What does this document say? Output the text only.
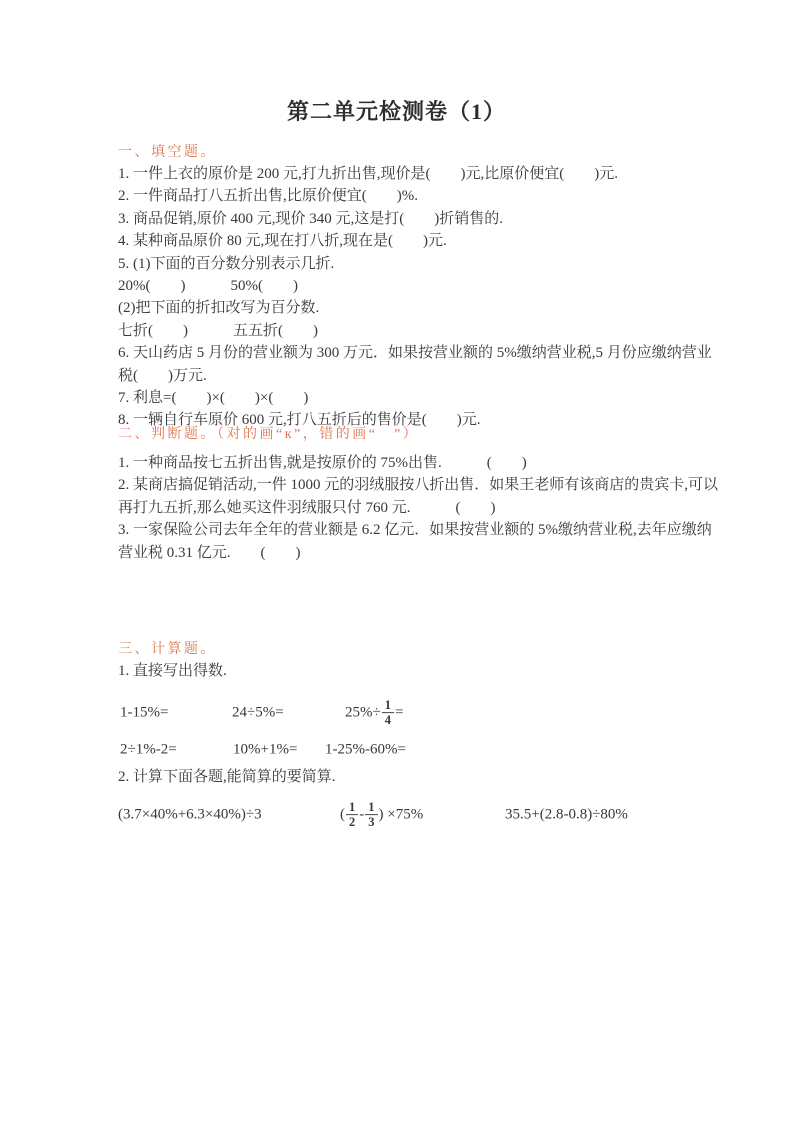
第二单元检测卷（1）
一、填空题。
1. 一件上衣的原价是 200 元,打九折出售,现价是(　　)元,比原价便宜(　　)元.
2. 一件商品打八五折出售,比原价便宜(　　)%.
3. 商品促销,原价 400 元,现价 340 元,这是打(　　)折销售的.
4. 某种商品原价 80 元,现在打八折,现在是(　　)元.
5. (1)下面的百分数分别表示几折.
20%(　　)　　　50%(　　)
(2)把下面的折扣改写为百分数.
七折(　　)　　　五五折(　　)
6. 天山药店 5 月份的营业额为 300 万元．如果按营业额的 5%缴纳营业税,5 月份应缴纳营业
税(　　)万元.
7. 利息=(　　)×(　　)×(　　)
8. 一辆自行车原价 600 元,打八五折后的售价是(　　)元.
二、判断题。（对的画“к”，错的画“　”）
1. 一种商品按七五折出售,就是按原价的 75%出售.　　　(　　)
2. 某商店搞促销活动,一件 1000 元的羽绒服按八折出售．如果王老师有该商店的贵宾卡,可以
再打九五折,那么她买这件羽绒服只付 760 元.　　　(　　)
3. 一家保险公司去年全年的营业额是 6.2 亿元．如果按营业额的 5%缴纳营业税,去年应缴纳
营业税 0.31 亿元.　　(　　)
三、计算题。
1. 直接写出得数.
1-15%=	24÷5%=	$25\%\div \frac{1}{4}$ =
2÷1%-2=	10%+1%= 1-25%-60%=
2. 计算下面各题,能简算的要简算.
(3.7×40%+6.3×40%)÷3	( $\frac{1}{2} - \frac{1}{3}$ ) ×75%	35.5+(2.8-0.8)÷80%
